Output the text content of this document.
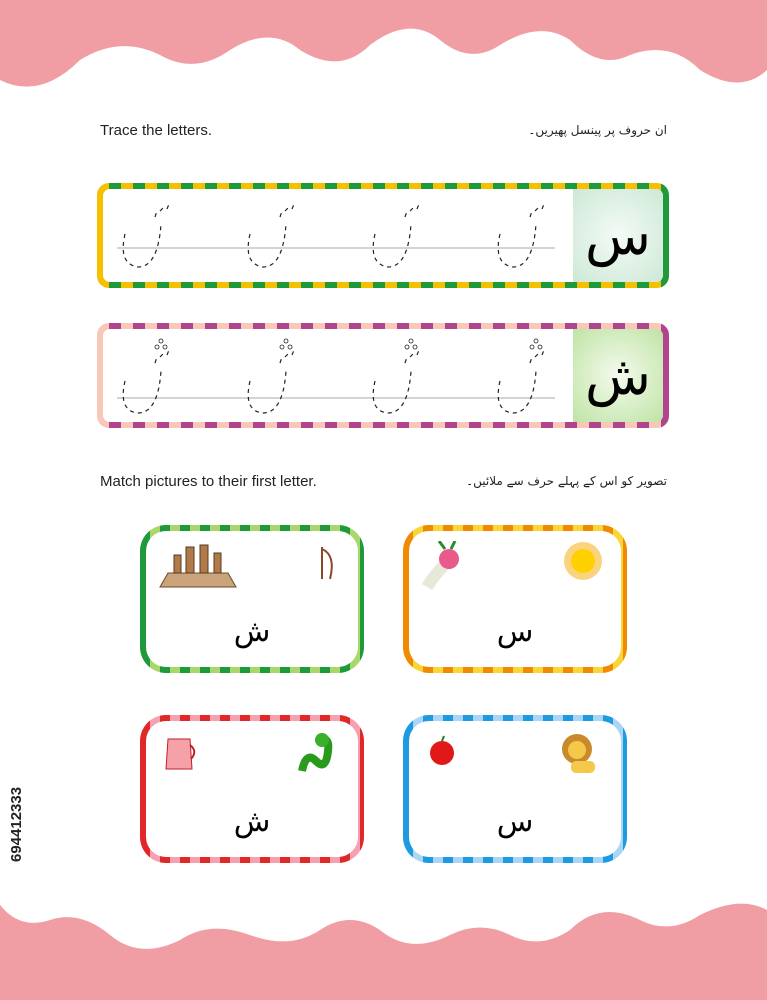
Trace the letters.	ان حروف پر پینسل پھیریں۔
س
ش
Match pictures to their first letter.	تصویر کو اس کے پہلے حرف سے ملائیں۔
ش	س
ش	س
694412333
